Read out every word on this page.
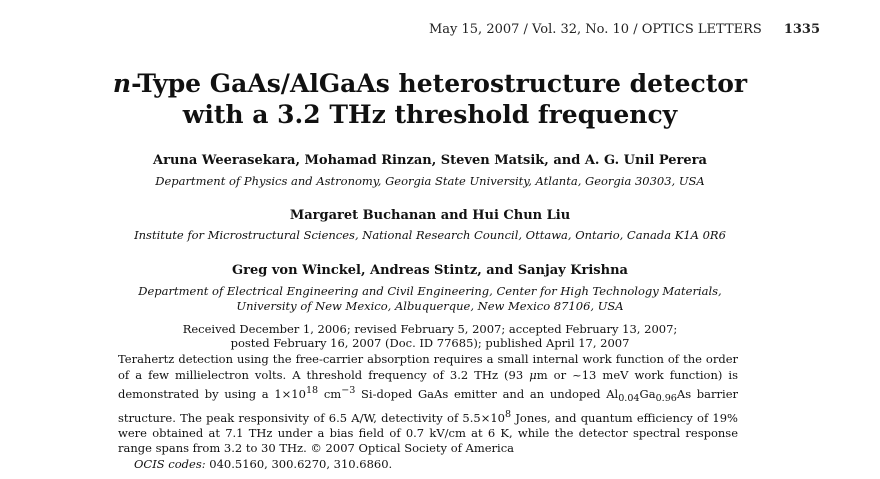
May 15, 2007 / Vol. 32, No. 10 / OPTICS LETTERS 1335
n-Type GaAs/AlGaAs heterostructure detector
with a 3.2 THz threshold frequency
Aruna Weerasekara, Mohamad Rinzan, Steven Matsik, and A. G. Unil Perera
Department of Physics and Astronomy, Georgia State University, Atlanta, Georgia 30303, USA
Margaret Buchanan and Hui Chun Liu
Institute for Microstructural Sciences, National Research Council, Ottawa, Ontario, Canada K1A 0R6
Greg von Winckel, Andreas Stintz, and Sanjay Krishna
Department of Electrical Engineering and Civil Engineering, Center for High Technology Materials,
University of New Mexico, Albuquerque, New Mexico 87106, USA
Received December 1, 2006; revised February 5, 2007; accepted February 13, 2007;
posted February 16, 2007 (Doc. ID 77685); published April 17, 2007
Terahertz detection using the free-carrier absorption requires a small internal work function of the order of a few millielectron volts. A threshold frequency of 3.2 THz (93 μm or ~13 meV work function) is demonstrated by using a $1\times 10^{18}$ $cm^{-3}$ Si-doped GaAs emitter and an undoped $Al_{0.04}Ga_{0.96}As$ barrier structure. The peak responsivity of 6.5 A/W, detectivity of $5.5\times 10^8$ Jones, and quantum efficiency of 19% were obtained at 7.1 THz under a bias field of 0.7 kV/cm at 6 K, while the detector spectral response range spans from 3.2 to 30 THz. © 2007 Optical Society of America
OCIS codes: 040.5160, 300.6270, 310.6860.
